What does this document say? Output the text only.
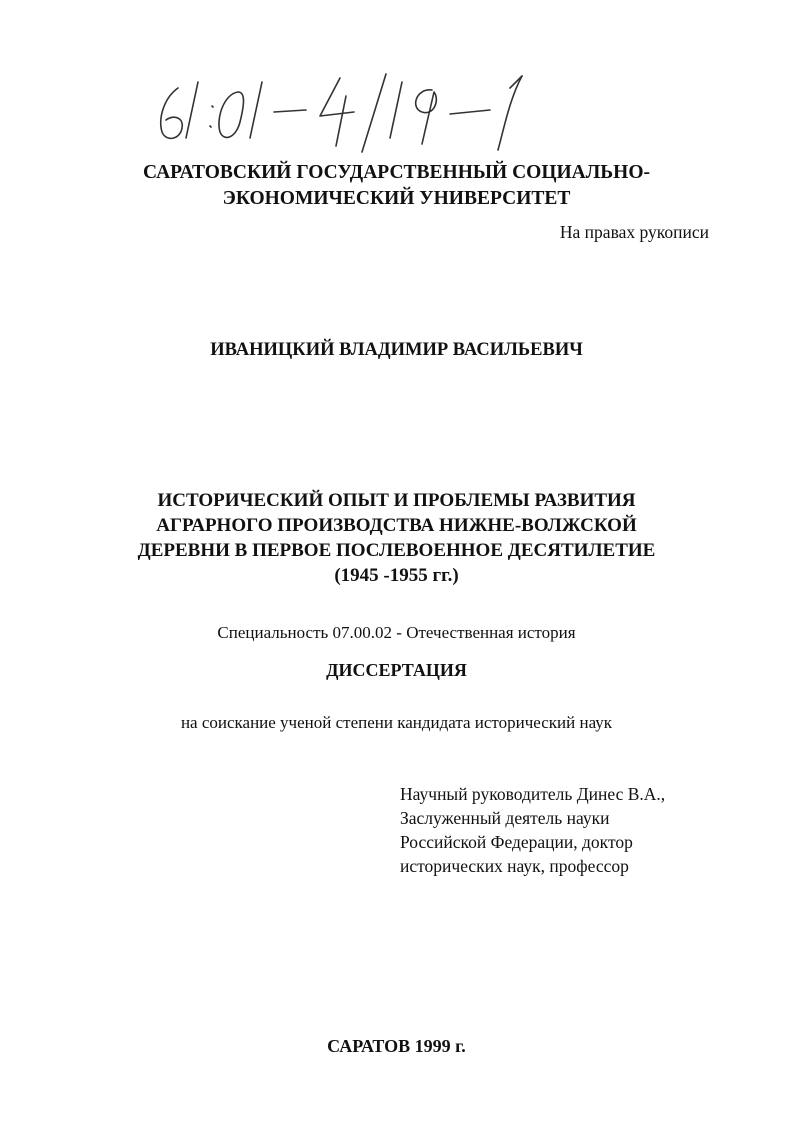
САРАТОВСКИЙ ГОСУДАРСТВЕННЫЙ СОЦИАЛЬНО-
ЭКОНОМИЧЕСКИЙ УНИВЕРСИТЕТ
На правах рукописи
ИВАНИЦКИЙ ВЛАДИМИР ВАСИЛЬЕВИЧ
ИСТОРИЧЕСКИЙ ОПЫТ И ПРОБЛЕМЫ РАЗВИТИЯ
АГРАРНОГО ПРОИЗВОДСТВА НИЖНЕ-ВОЛЖСКОЙ
ДЕРЕВНИ В ПЕРВОЕ ПОСЛЕВОЕННОЕ ДЕСЯТИЛЕТИЕ
(1945 -1955 гг.)
Специальность 07.00.02 - Отечественная история
ДИССЕРТАЦИЯ
на соискание ученой степени кандидата исторический наук
Научный руководитель Динес В.А.,
Заслуженный деятель науки
Российской Федерации, доктор
исторических наук, профессор
САРАТОВ 1999 г.
